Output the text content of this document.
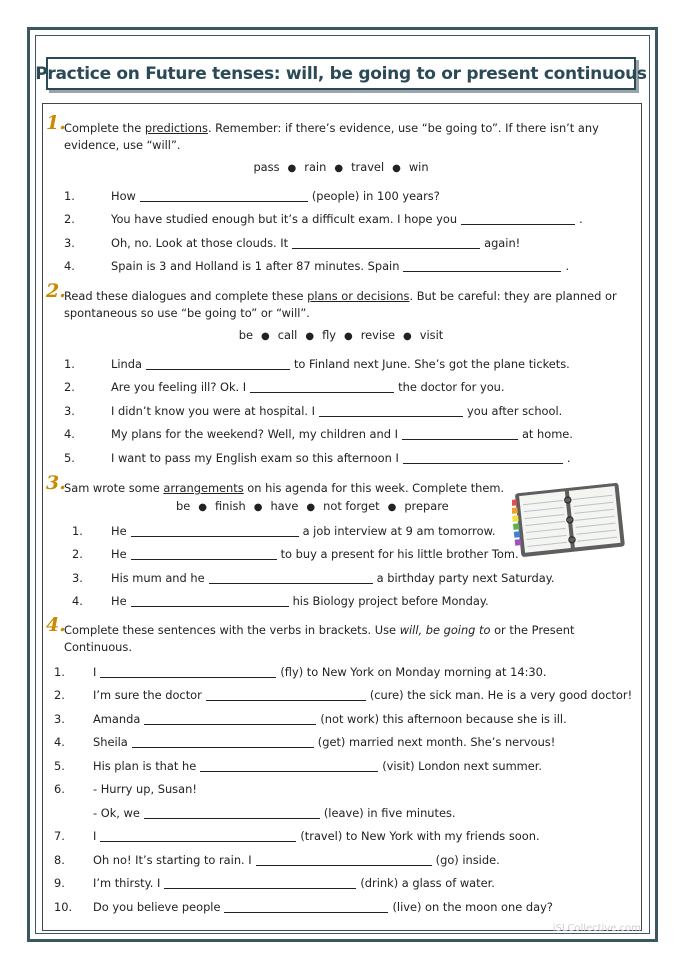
Practice on Future tenses: will, be going to or present continuous
1.
Complete the predictions. Remember: if there’s evidence, use “be going to”. If there isn’t any evidence, use “will”.
pass ● rain ● travel ● win
1.	How	(people) in 100 years?
2.	You have studied enough but it’s a difficult exam. I hope you	.
3.	Oh, no. Look at those clouds. It	again!
4.	Spain is 3 and Holland is 1 after 87 minutes. Spain	.
2.
Read these dialogues and complete these plans or decisions. But be careful: they are planned or spontaneous so use “be going to” or “will”.
be ● call ● fly ● revise ● visit
1.	Linda	to Finland next June. She’s got the plane tickets.
2.	Are you feeling ill? Ok. I	the doctor for you.
3.	I didn’t know you were at hospital. I	you after school.
4.	My plans for the weekend? Well, my children and I	at home.
5.	I want to pass my English exam so this afternoon I	.
3.
Sam wrote some arrangements on his agenda for this week. Complete them.
be ● finish ● have ● not forget ● prepare
1.	He	a job interview at 9 am tomorrow.
2.	He	to buy a present for his little brother Tom.
3.	His mum and he	a birthday party next Saturday.
4.	He	his Biology project before Monday.
4.
Complete these sentences with the verbs in brackets. Use will, be going to or the Present Continuous.
1.	I	(fly) to New York on Monday morning at 14:30.
2.	I’m sure the doctor	(cure) the sick man. He is a very good doctor!
3.	Amanda	(not work) this afternoon because she is ill.
4.	Sheila	(get) married next month. She’s nervous!
5.	His plan is that he	(visit) London next summer.
6.	- Hurry up, Susan!
- Ok, we	(leave) in five minutes.
7.	I	(travel) to New York with my friends soon.
8.	Oh no! It’s starting to rain. I	(go) inside.
9.	I’m thirsty. I	(drink) a glass of water.
10.	Do you believe people	(live) on the moon one day?
iSLCollective.com
